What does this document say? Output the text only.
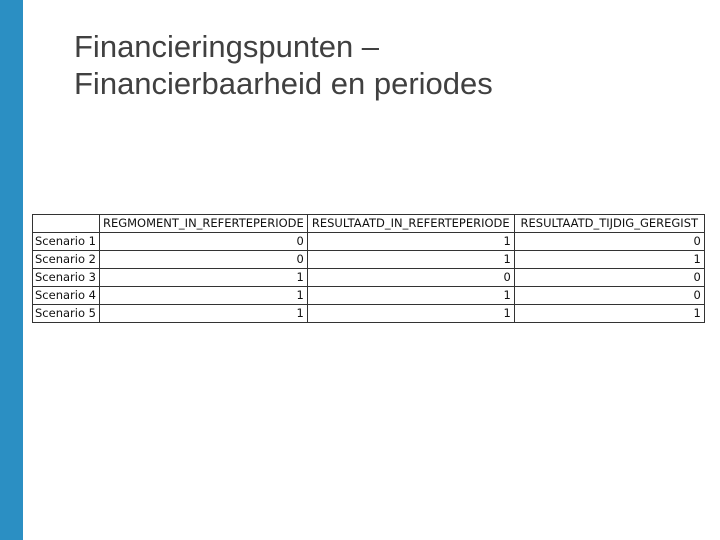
Financieringspunten –
Financierbaarheid en periodes
	REGMOMENT_IN_REFERTEPERIODE	RESULTAATD_IN_REFERTEPERIODE	RESULTAATD_TIJDIG_GEREGIST
Scenario 1	0	1	0
Scenario 2	0	1	1
Scenario 3	1	0	0
Scenario 4	1	1	0
Scenario 5	1	1	1
